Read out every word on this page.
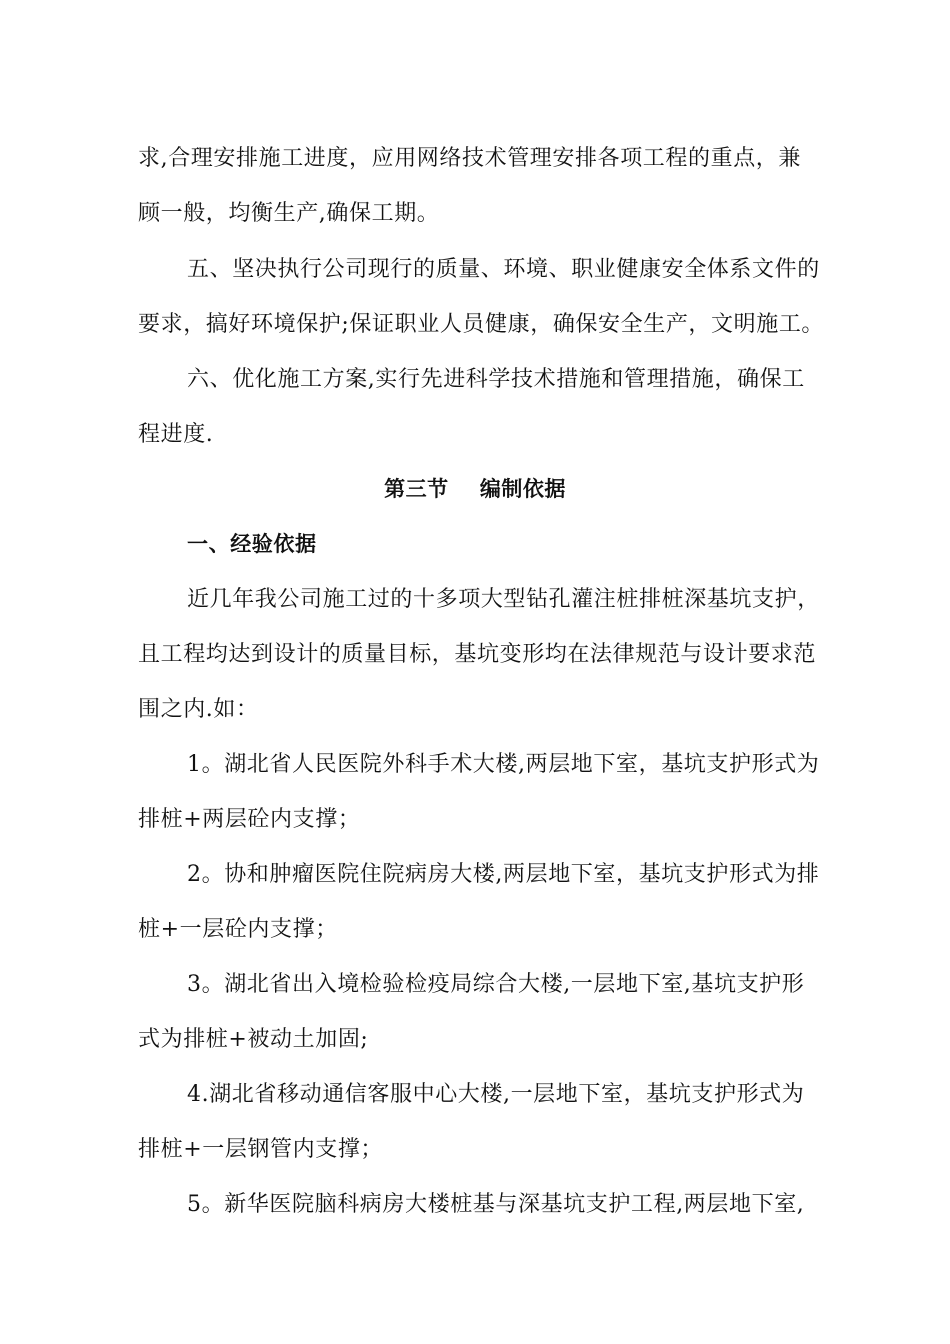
求,合理安排施工进度，应用网络技术管理安排各项工程的重点，兼
顾一般，均衡生产,确保工期。
五、坚决执行公司现行的质量、环境、职业健康安全体系文件的
要求，搞好环境保护;保证职业人员健康，确保安全生产，文明施工。
六、优化施工方案,实行先进科学技术措施和管理措施，确保工
程进度.
第三节    编制依据
一、经验依据
近几年我公司施工过的十多项大型钻孔灌注桩排桩深基坑支护，
且工程均达到设计的质量目标，基坑变形均在法律规范与设计要求范
围之内.如：
1。湖北省人民医院外科手术大楼,两层地下室，基坑支护形式为
排桩+两层砼内支撑；
2。协和肿瘤医院住院病房大楼,两层地下室，基坑支护形式为排
桩+一层砼内支撑；
3。湖北省出入境检验检疫局综合大楼,一层地下室,基坑支护形
式为排桩+被动土加固;
4.湖北省移动通信客服中心大楼,一层地下室，基坑支护形式为
排桩+一层钢管内支撑；
5。新华医院脑科病房大楼桩基与深基坑支护工程,两层地下室,
